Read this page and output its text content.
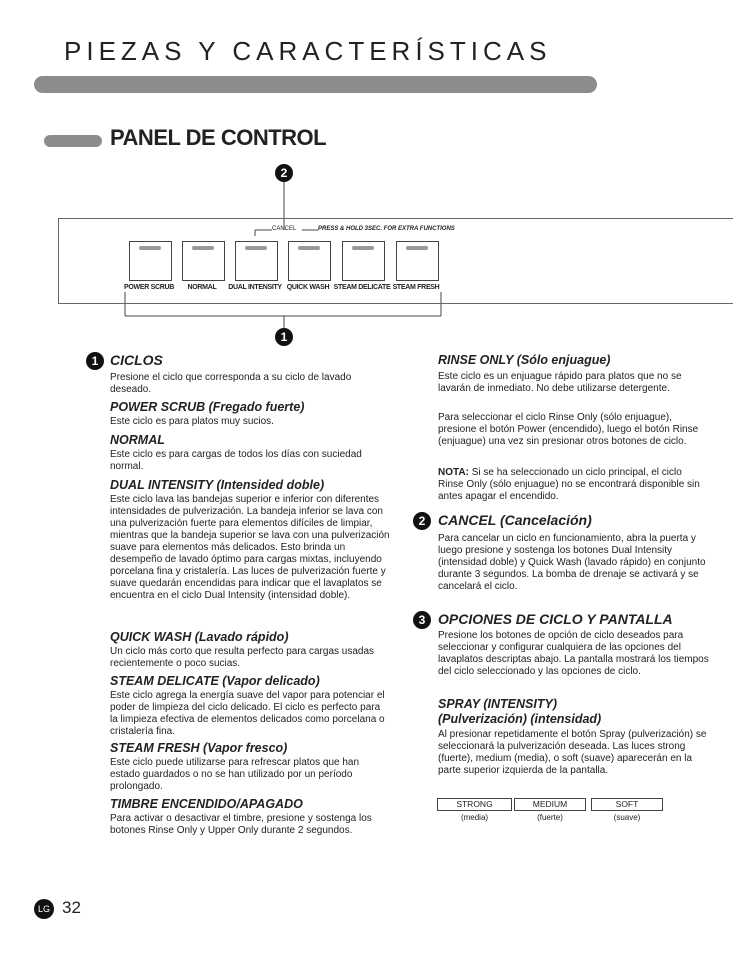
PIEZAS Y CARACTERÍSTICAS
PANEL DE CONTROL
2
CANCEL	PRESS & HOLD 3SEC. FOR EXTRA FUNCTIONS
POWER SCRUB	NORMAL	DUAL INTENSITY QUICK WASH STEAM DELICATE STEAM FRESH
1
1 CICLOS
Presione el ciclo que corresponda a su ciclo de lavado deseado.
POWER SCRUB (Fregado fuerte)
Este ciclo es para platos muy sucios.
NORMAL
Este ciclo es para cargas de todos los días con suciedad normal.
DUAL INTENSITY (Intensided doble)
Este ciclo lava las bandejas superior e inferior con diferentes intensidades de pulverización. La bandeja inferior se lava con una pulverización fuerte para elementos difíciles de limpiar, mientras que la bandeja superior se lava con una pulverización suave para elementos más delicados. Esto brinda un desempeño de lavado óptimo para cargas mixtas, incluyendo porcelana fina y cristalería. Las luces de pulverización fuerte y suave quedarán encendidas para indicar que el lavaplatos se encuentra en el ciclo Dual Intensity (intensidad doble).
QUICK WASH (Lavado rápido)
Un ciclo más corto que resulta perfecto para cargas usadas recientemente o poco sucias.
STEAM DELICATE (Vapor delicado)
Este ciclo agrega la energía suave del vapor para potenciar el poder de limpieza del ciclo delicado. El ciclo es perfecto para la limpieza efectiva de elementos delicados como porcelana o cristalería fina.
STEAM FRESH (Vapor fresco)
Este ciclo puede utilizarse para refrescar platos que han estado guardados o no se han utilizado por un período prolongado.
TIMBRE ENCENDIDO/APAGADO
Para activar o desactivar el timbre, presione y sostenga los botones Rinse Only y Upper Only durante 2 segundos.
RINSE ONLY (Sólo enjuague)
Este ciclo es un enjuague rápido para platos que no se lavarán de inmediato. No debe utilizarse detergente.
Para seleccionar el ciclo Rinse Only (sólo enjuague), presione el botón Power (encendido), luego el botón Rinse (enjuague) una vez sin presionar otros botones de ciclo.
NOTA: Si se ha seleccionado un ciclo principal, el ciclo Rinse Only (sólo enjuague) no se encontrará disponible sin antes apagar el encendido.
2 CANCEL (Cancelación)
Para cancelar un ciclo en funcionamiento, abra la puerta y luego presione y sostenga los botones Dual Intensity (intensidad doble) y Quick Wash (lavado rápido) en conjunto durante 3 segundos. La bomba de drenaje se activará y se cancelará el ciclo.
3 OPCIONES DE CICLO Y PANTALLA
Presione los botones de opción de ciclo deseados para seleccionar y configurar cualquiera de las opciones del lavaplatos descriptas abajo. La pantalla mostrará los tiempos del ciclo seleccionado y las opciones de ciclo.
SPRAY (INTENSITY)
(Pulverización) (intensidad)
Al presionar repetidamente el botón Spray (pulverización) se seleccionará la pulverización deseada. Las luces strong (fuerte), medium (media), o soft (suave) aparecerán en la parte superior izquierda de la pantalla.
STRONG	MEDIUM	SOFT
(media)	(fuerte)	(suave)
LG 32
